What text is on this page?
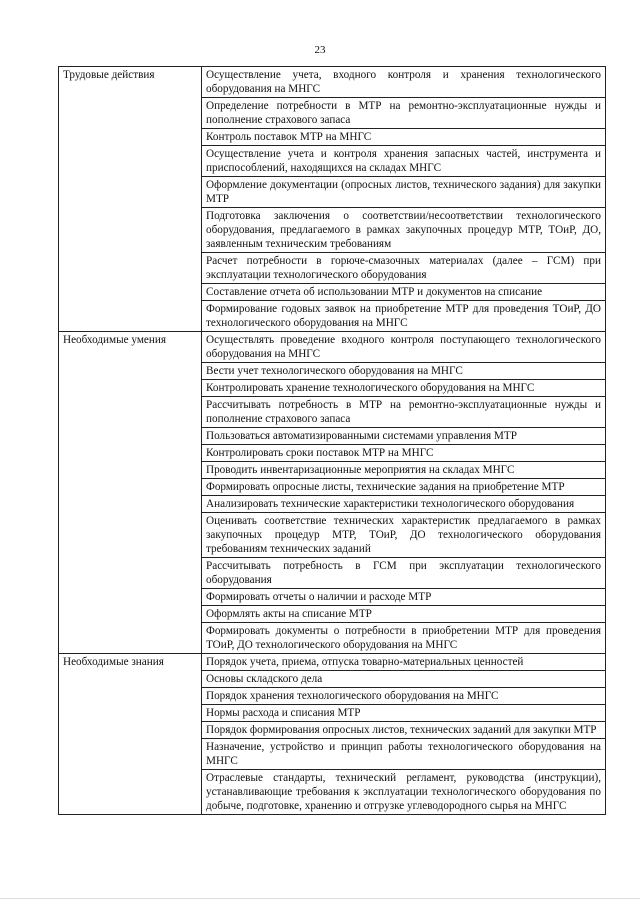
23
Трудовые действия	Осуществление учета, входного контроля и хранения технологического оборудования на МНГС
	Определение потребности в МТР на ремонтно-эксплуатационные нужды и пополнение страхового запаса
	Контроль поставок МТР на МНГС
	Осуществление учета и контроля хранения запасных частей, инструмента и приспособлений, находящихся на складах МНГС
	Оформление документации (опросных листов, технического задания) для закупки МТР
	Подготовка заключения о соответствии/несоответствии технологического оборудования, предлагаемого в рамках закупочных процедур МТР, ТОиР, ДО, заявленным техническим требованиям
	Расчет потребности в горюче-смазочных материалах (далее – ГСМ) при эксплуатации технологического оборудования
	Составление отчета об использовании МТР и документов на списание
	Формирование годовых заявок на приобретение МТР для проведения ТОиР, ДО технологического оборудования на МНГС
Необходимые умения	Осуществлять проведение входного контроля поступающего технологического оборудования на МНГС
	Вести учет технологического оборудования на МНГС
	Контролировать хранение технологического оборудования на МНГС
	Рассчитывать потребность в МТР на ремонтно-эксплуатационные нужды и пополнение страхового запаса
	Пользоваться автоматизированными системами управления МТР
	Контролировать сроки поставок МТР на МНГС
	Проводить инвентаризационные мероприятия на складах МНГС
	Формировать опросные листы, технические задания на приобретение МТР
	Анализировать технические характеристики технологического оборудования
	Оценивать соответствие технических характеристик предлагаемого в рамках закупочных процедур МТР, ТОиР, ДО технологического оборудования требованиям технических заданий
	Рассчитывать потребность в ГСМ при эксплуатации технологического оборудования
	Формировать отчеты о наличии и расходе МТР
	Оформлять акты на списание МТР
	Формировать документы о потребности в приобретении МТР для проведения ТОиР, ДО технологического оборудования на МНГС
Необходимые знания	Порядок учета, приема, отпуска товарно-материальных ценностей
	Основы складского дела
	Порядок хранения технологического оборудования на МНГС
	Нормы расхода и списания МТР
	Порядок формирования опросных листов, технических заданий для закупки МТР
	Назначение, устройство и принцип работы технологического оборудования на МНГС
	Отраслевые стандарты, технический регламент, руководства (инструкции), устанавливающие требования к эксплуатации технологического оборудования по добыче, подготовке, хранению и отгрузке углеводородного сырья на МНГС
